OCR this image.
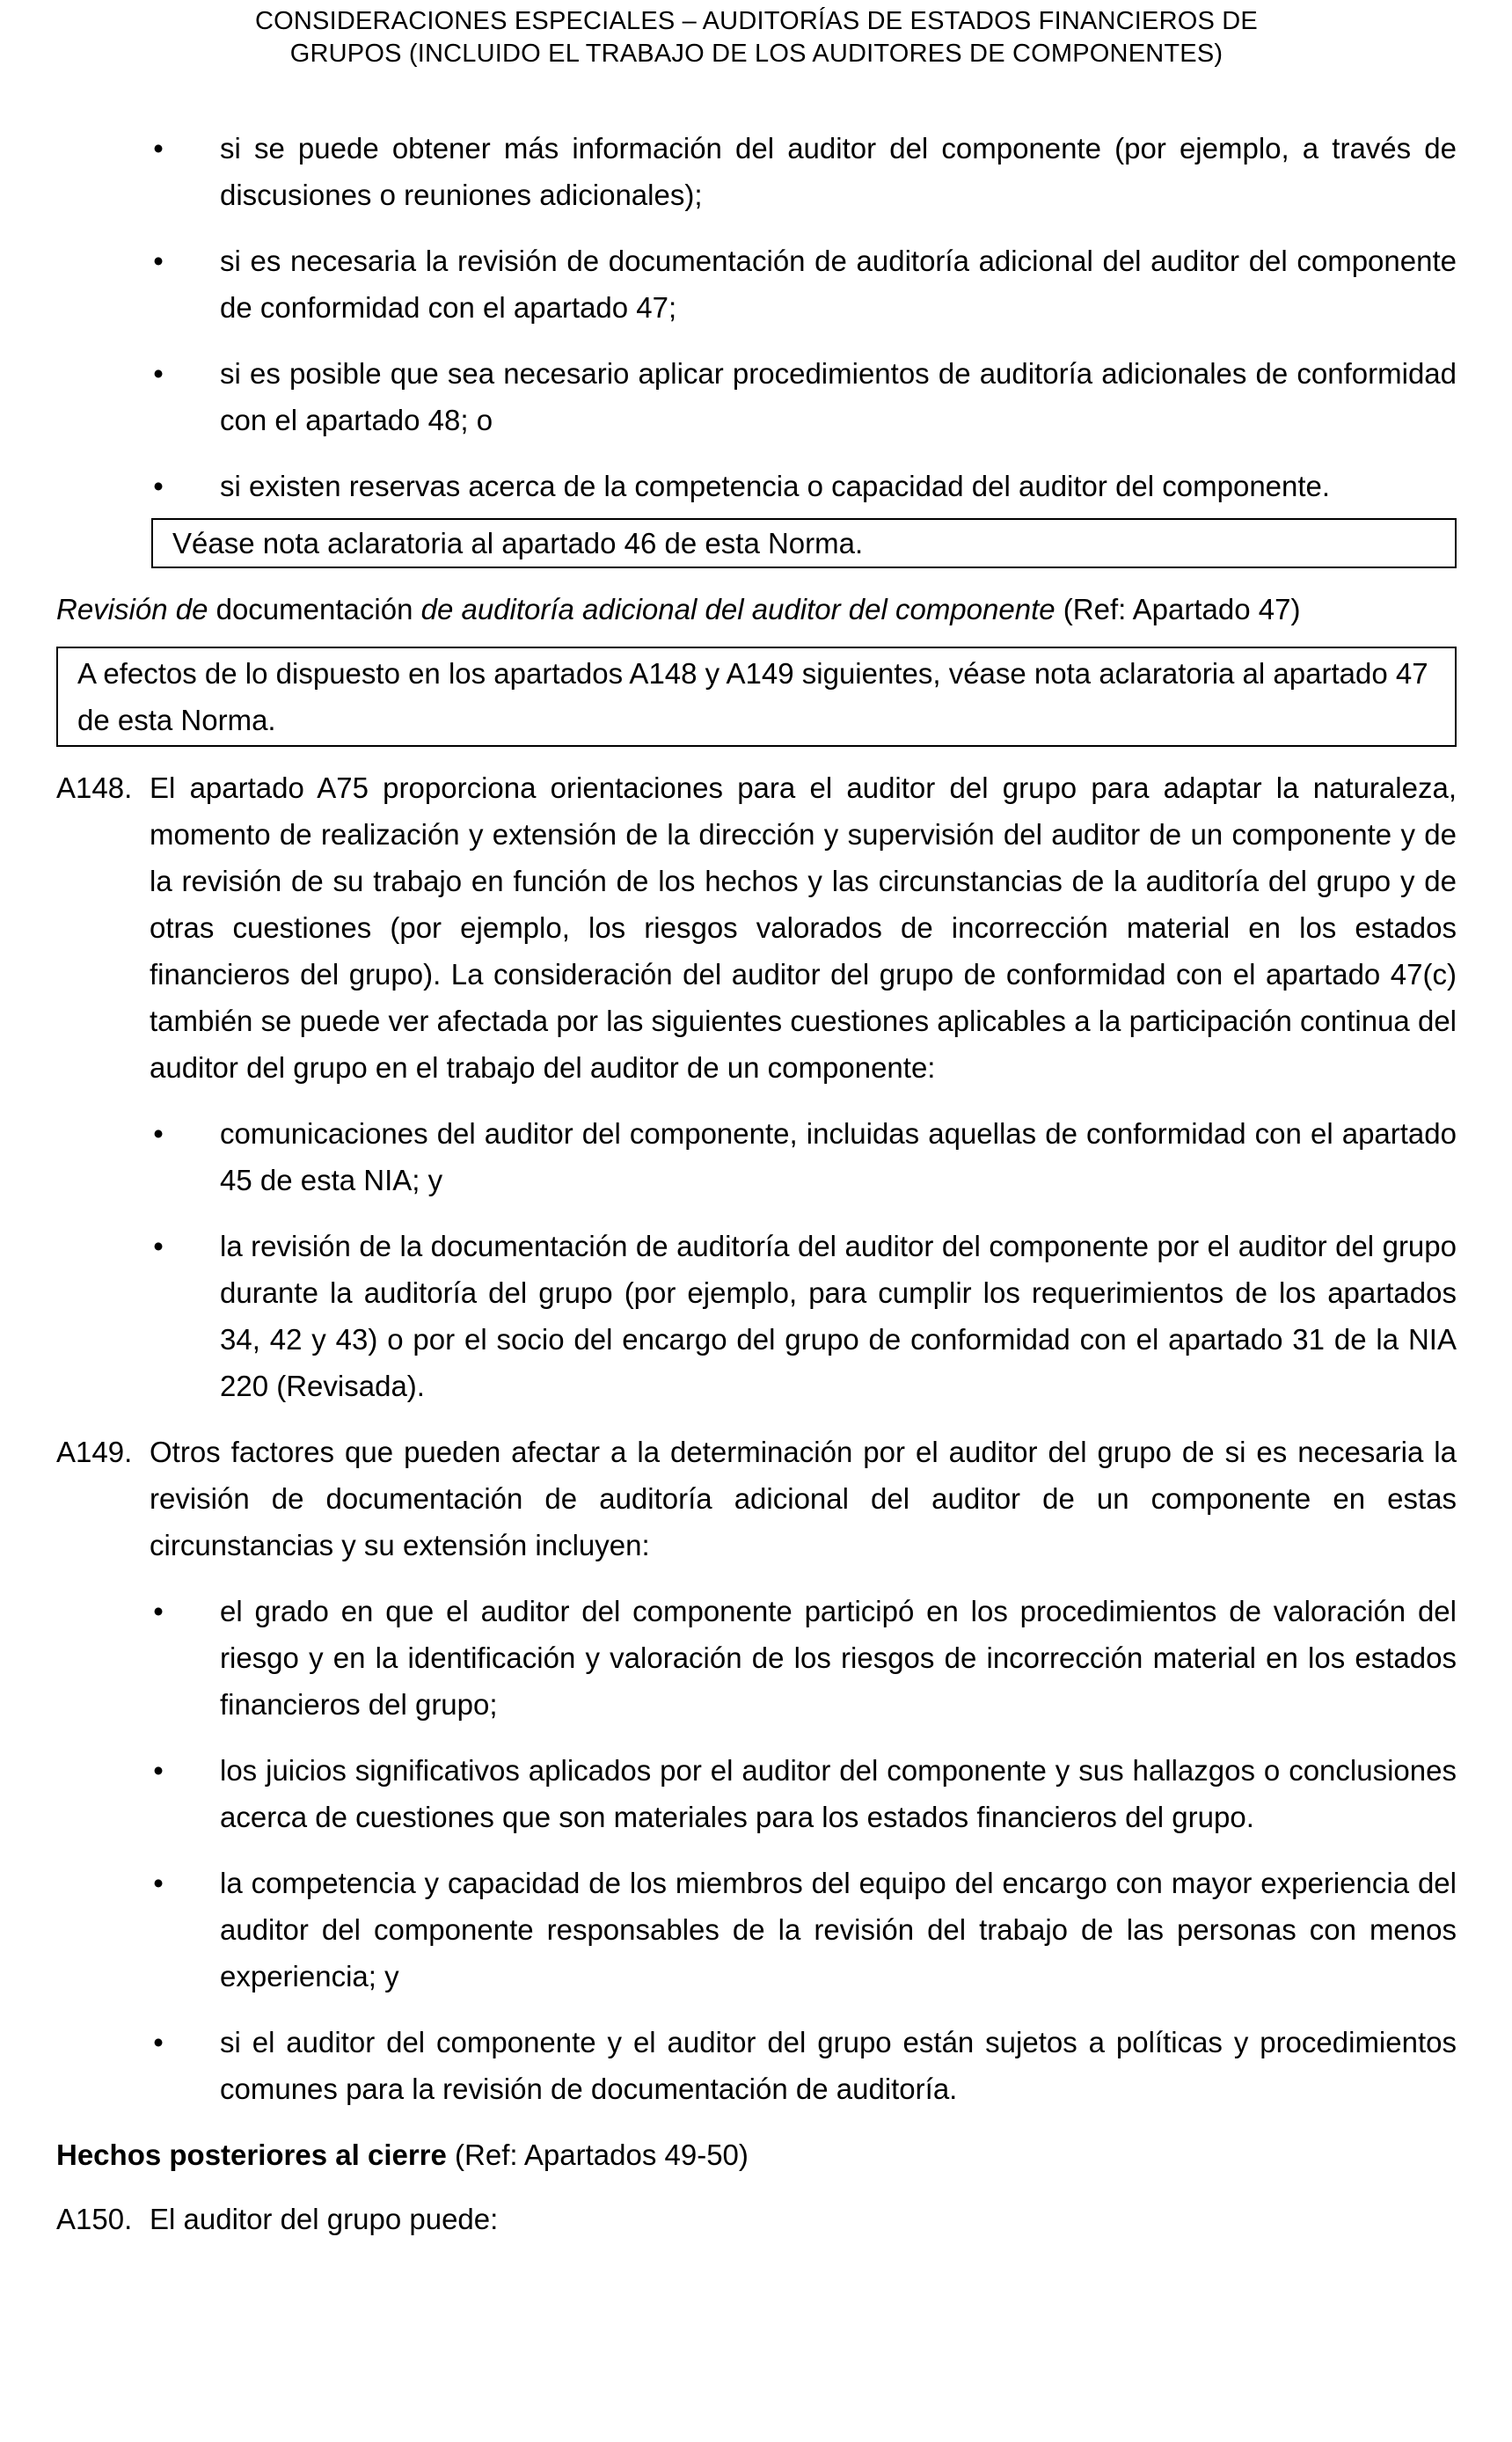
CONSIDERACIONES ESPECIALES – AUDITORÍAS DE ESTADOS FINANCIEROS DE
GRUPOS (INCLUIDO EL TRABAJO DE LOS AUDITORES DE COMPONENTES)
• si se puede obtener más información del auditor del componente (por ejemplo, a través de discusiones o reuniones adicionales);
• si es necesaria la revisión de documentación de auditoría adicional del auditor del componente de conformidad con el apartado 47;
• si es posible que sea necesario aplicar procedimientos de auditoría adicionales de conformidad con el apartado 48; o
• si existen reservas acerca de la competencia o capacidad del auditor del componente.
Véase nota aclaratoria al apartado 46 de esta Norma.
Revisión de documentación de auditoría adicional del auditor del componente (Ref: Apartado 47)
A efectos de lo dispuesto en los apartados A148 y A149 siguientes, véase nota aclaratoria al apartado 47 de esta Norma.
A148. El apartado A75 proporciona orientaciones para el auditor del grupo para adaptar la naturaleza, momento de realización y extensión de la dirección y supervisión del auditor de un componente y de la revisión de su trabajo en función de los hechos y las circunstancias de la auditoría del grupo y de otras cuestiones (por ejemplo, los riesgos valorados de incorrección material en los estados financieros del grupo). La consideración del auditor del grupo de conformidad con el apartado 47(c) también se puede ver afectada por las siguientes cuestiones aplicables a la participación continua del auditor del grupo en el trabajo del auditor de un componente:
• comunicaciones del auditor del componente, incluidas aquellas de conformidad con el apartado 45 de esta NIA; y
• la revisión de la documentación de auditoría del auditor del componente por el auditor del grupo durante la auditoría del grupo (por ejemplo, para cumplir los requerimientos de los apartados 34, 42 y 43) o por el socio del encargo del grupo de conformidad con el apartado 31 de la NIA 220 (Revisada).
A149. Otros factores que pueden afectar a la determinación por el auditor del grupo de si es necesaria la revisión de documentación de auditoría adicional del auditor de un componente en estas circunstancias y su extensión incluyen:
• el grado en que el auditor del componente participó en los procedimientos de valoración del riesgo y en la identificación y valoración de los riesgos de incorrección material en los estados financieros del grupo;
• los juicios significativos aplicados por el auditor del componente y sus hallazgos o conclusiones acerca de cuestiones que son materiales para los estados financieros del grupo.
• la competencia y capacidad de los miembros del equipo del encargo con mayor experiencia del auditor del componente responsables de la revisión del trabajo de las personas con menos experiencia; y
• si el auditor del componente y el auditor del grupo están sujetos a políticas y procedimientos comunes para la revisión de documentación de auditoría.
Hechos posteriores al cierre (Ref: Apartados 49-50)
A150. El auditor del grupo puede:
